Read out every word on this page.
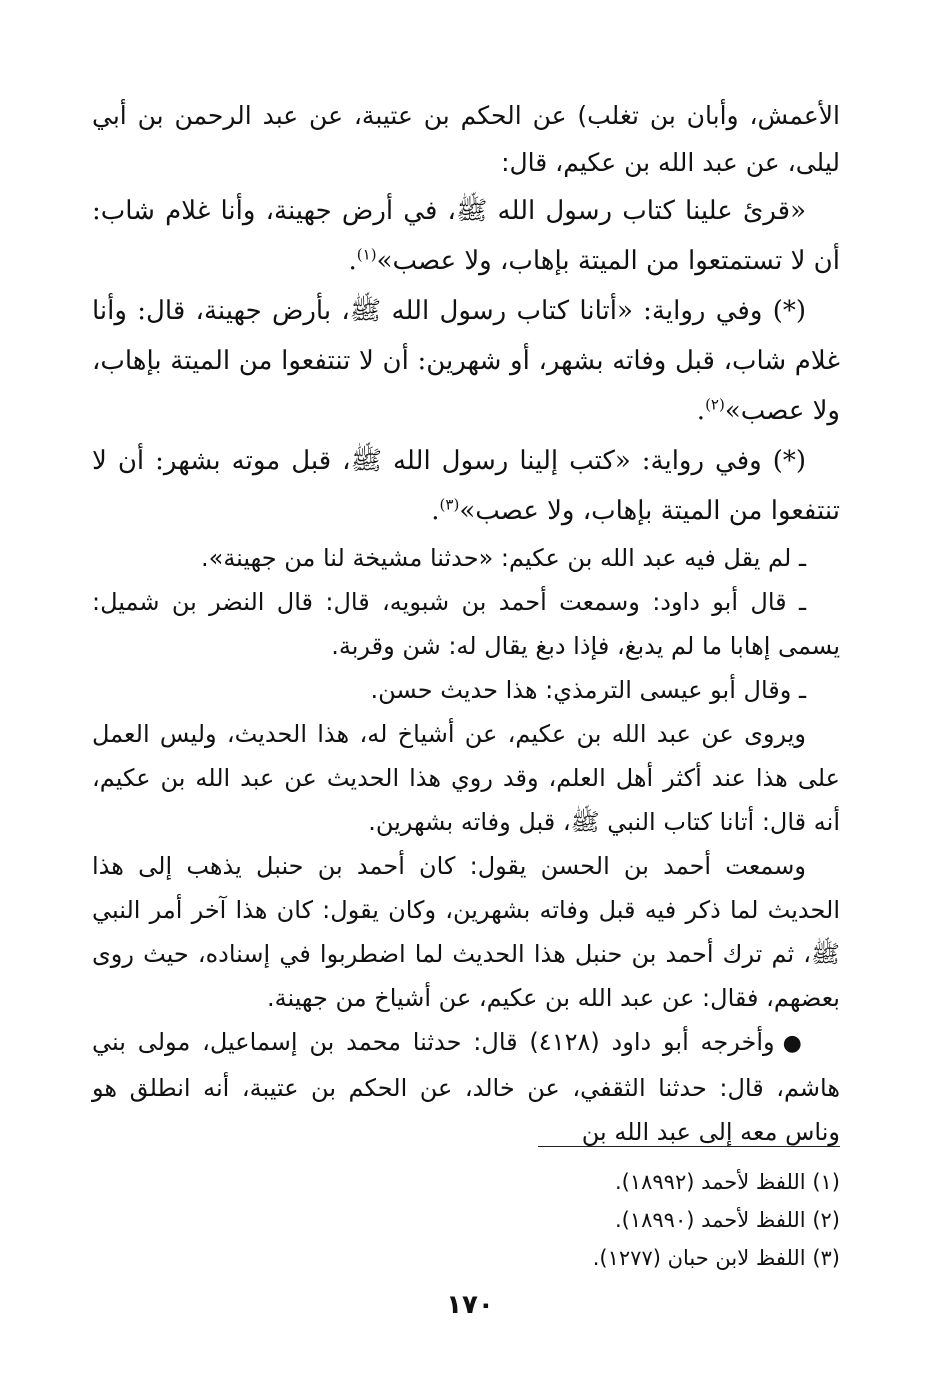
الأعمش، وأبان بن تغلب) عن الحكم بن عتيبة، عن عبد الرحمن بن أبي ليلى، عن عبد الله بن عكيم، قال:

«قرئ علينا كتاب رسول الله ﷺ، في أرض جهينة، وأنا غلام شاب: أن لا تستمتعوا من الميتة بإهاب، ولا عصب»$^{(١)}$.

(*) وفي رواية: «أتانا كتاب رسول الله ﷺ، بأرض جهينة، قال: وأنا غلام شاب، قبل وفاته بشهر، أو شهرين: أن لا تنتفعوا من الميتة بإهاب، ولا عصب»$^{(٢)}$.

(*) وفي رواية: «كتب إلينا رسول الله ﷺ، قبل موته بشهر: أن لا تنتفعوا من الميتة بإهاب، ولا عصب»$^{(٣)}$.

ـ لم يقل فيه عبد الله بن عكيم: «حدثنا مشيخة لنا من جهينة».

ـ قال أبو داود: وسمعت أحمد بن شبويه، قال: قال النضر بن شميل: يسمى إهابا ما لم يدبغ، فإذا دبغ يقال له: شن وقربة.

ـ وقال أبو عيسى الترمذي: هذا حديث حسن.

ويروى عن عبد الله بن عكيم، عن أشياخ له، هذا الحديث، وليس العمل على هذا عند أكثر أهل العلم، وقد روي هذا الحديث عن عبد الله بن عكيم، أنه قال: أتانا كتاب النبي ﷺ، قبل وفاته بشهرين.

وسمعت أحمد بن الحسن يقول: كان أحمد بن حنبل يذهب إلى هذا الحديث لما ذكر فيه قبل وفاته بشهرين، وكان يقول: كان هذا آخر أمر النبي ﷺ، ثم ترك أحمد بن حنبل هذا الحديث لما اضطربوا في إسناده، حيث روى بعضهم، فقال: عن عبد الله بن عكيم، عن أشياخ من جهينة.

●وأخرجه أبو داود (٤١٢٨) قال: حدثنا محمد بن إسماعيل، مولى بني هاشم، قال: حدثنا الثقفي، عن خالد، عن الحكم بن عتيبة، أنه انطلق هو وناس معه إلى عبد الله بن

(١) اللفظ لأحمد (١٨٩٩٢).

(٢) اللفظ لأحمد (١٨٩٩٠).

(٣) اللفظ لابن حبان (١٢٧٧).

١٧٠
